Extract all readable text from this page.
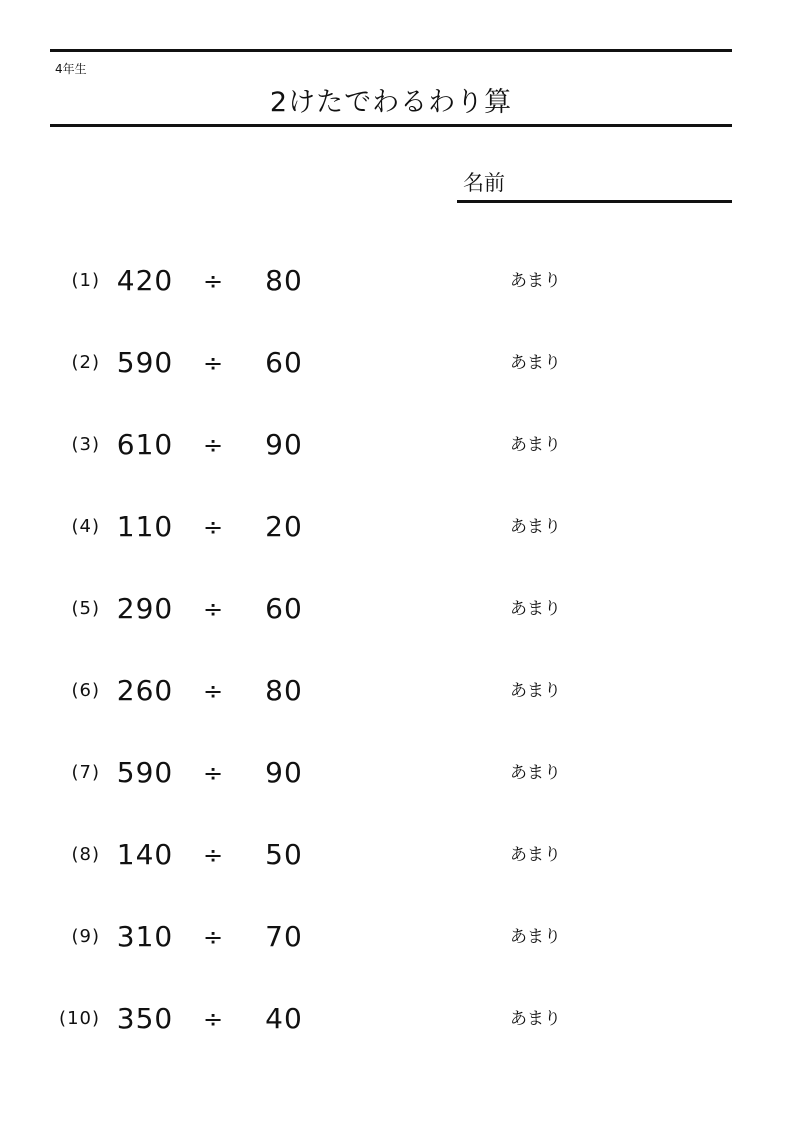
4年生
2けたでわるわり算
名前
(1) 420 ÷	80	あまり
(2) 590 ÷	60	あまり
(3) 610 ÷	90	あまり
(4) 110 ÷	20	あまり
(5) 290 ÷	60	あまり
(6) 260 ÷	80	あまり
(7) 590 ÷	90	あまり
(8) 140 ÷	50	あまり
(9) 310 ÷	70	あまり
(10) 350 ÷	40	あまり
